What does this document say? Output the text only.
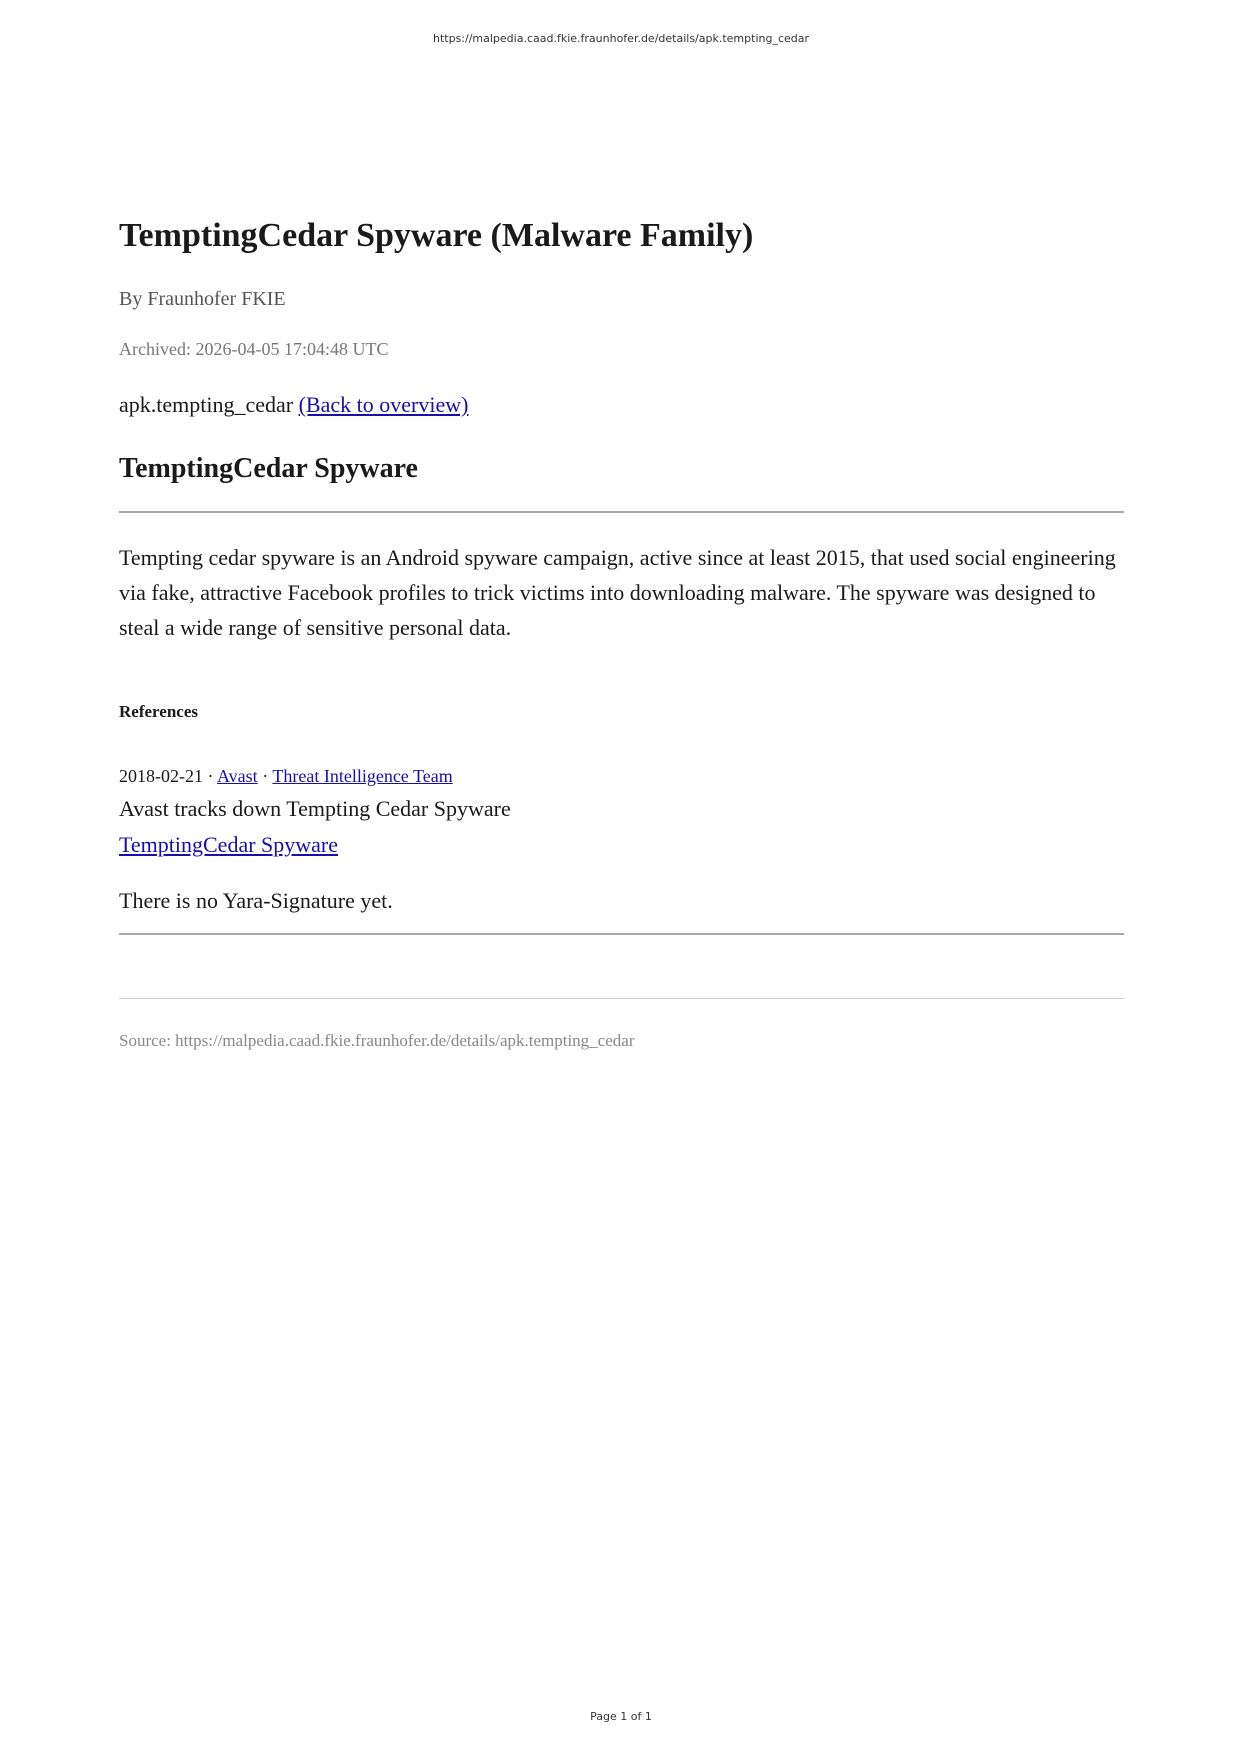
https://malpedia.caad.fkie.fraunhofer.de/details/apk.tempting_cedar
TemptingCedar Spyware (Malware Family)
By Fraunhofer FKIE
Archived: 2026-04-05 17:04:48 UTC
apk.tempting_cedar (Back to overview)
TemptingCedar Spyware

Tempting cedar spyware is an Android spyware campaign, active since at least 2015, that used social engineering via fake, attractive Facebook profiles to trick victims into downloading malware. The spyware was designed to steal a wide range of sensitive personal data.

References
2018-02-21 · Avast · Threat Intelligence Team
Avast tracks down Tempting Cedar Spyware
TemptingCedar Spyware
There is no Yara-Signature yet.
Source: https://malpedia.caad.fkie.fraunhofer.de/details/apk.tempting_cedar
Page 1 of 1
